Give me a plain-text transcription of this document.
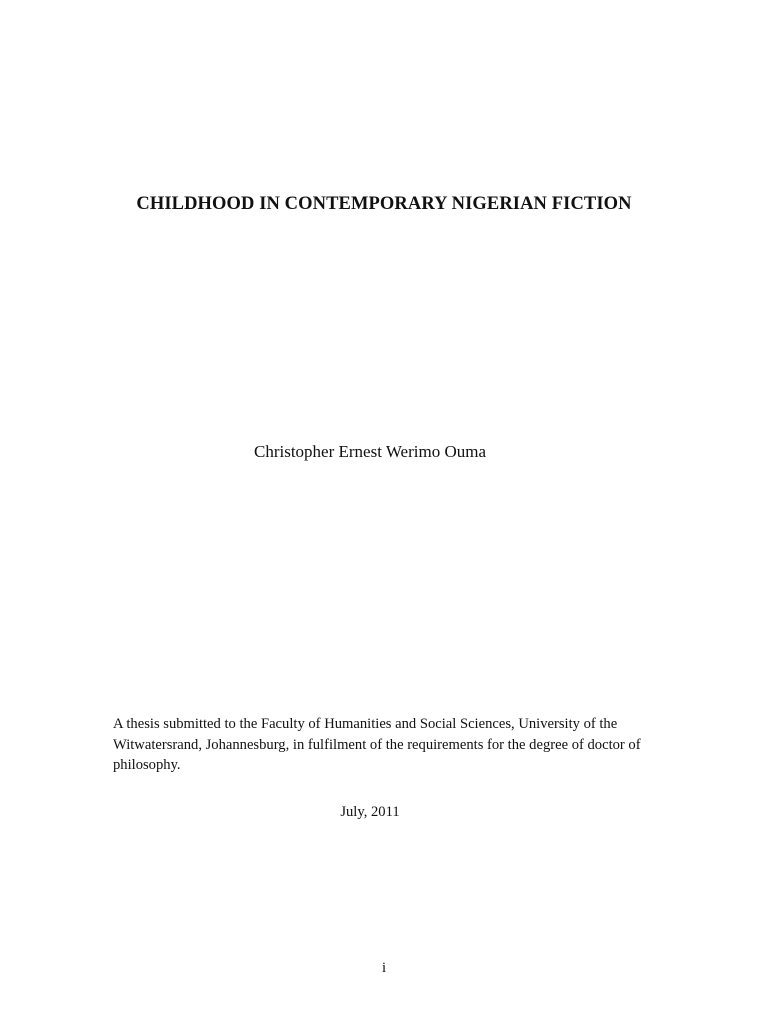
CHILDHOOD IN CONTEMPORARY NIGERIAN FICTION

Christopher Ernest Werimo Ouma

A thesis submitted to the Faculty of Humanities and Social Sciences, University of the Witwatersrand, Johannesburg, in fulfilment of the requirements for the degree of doctor of philosophy.

July, 2011

i
